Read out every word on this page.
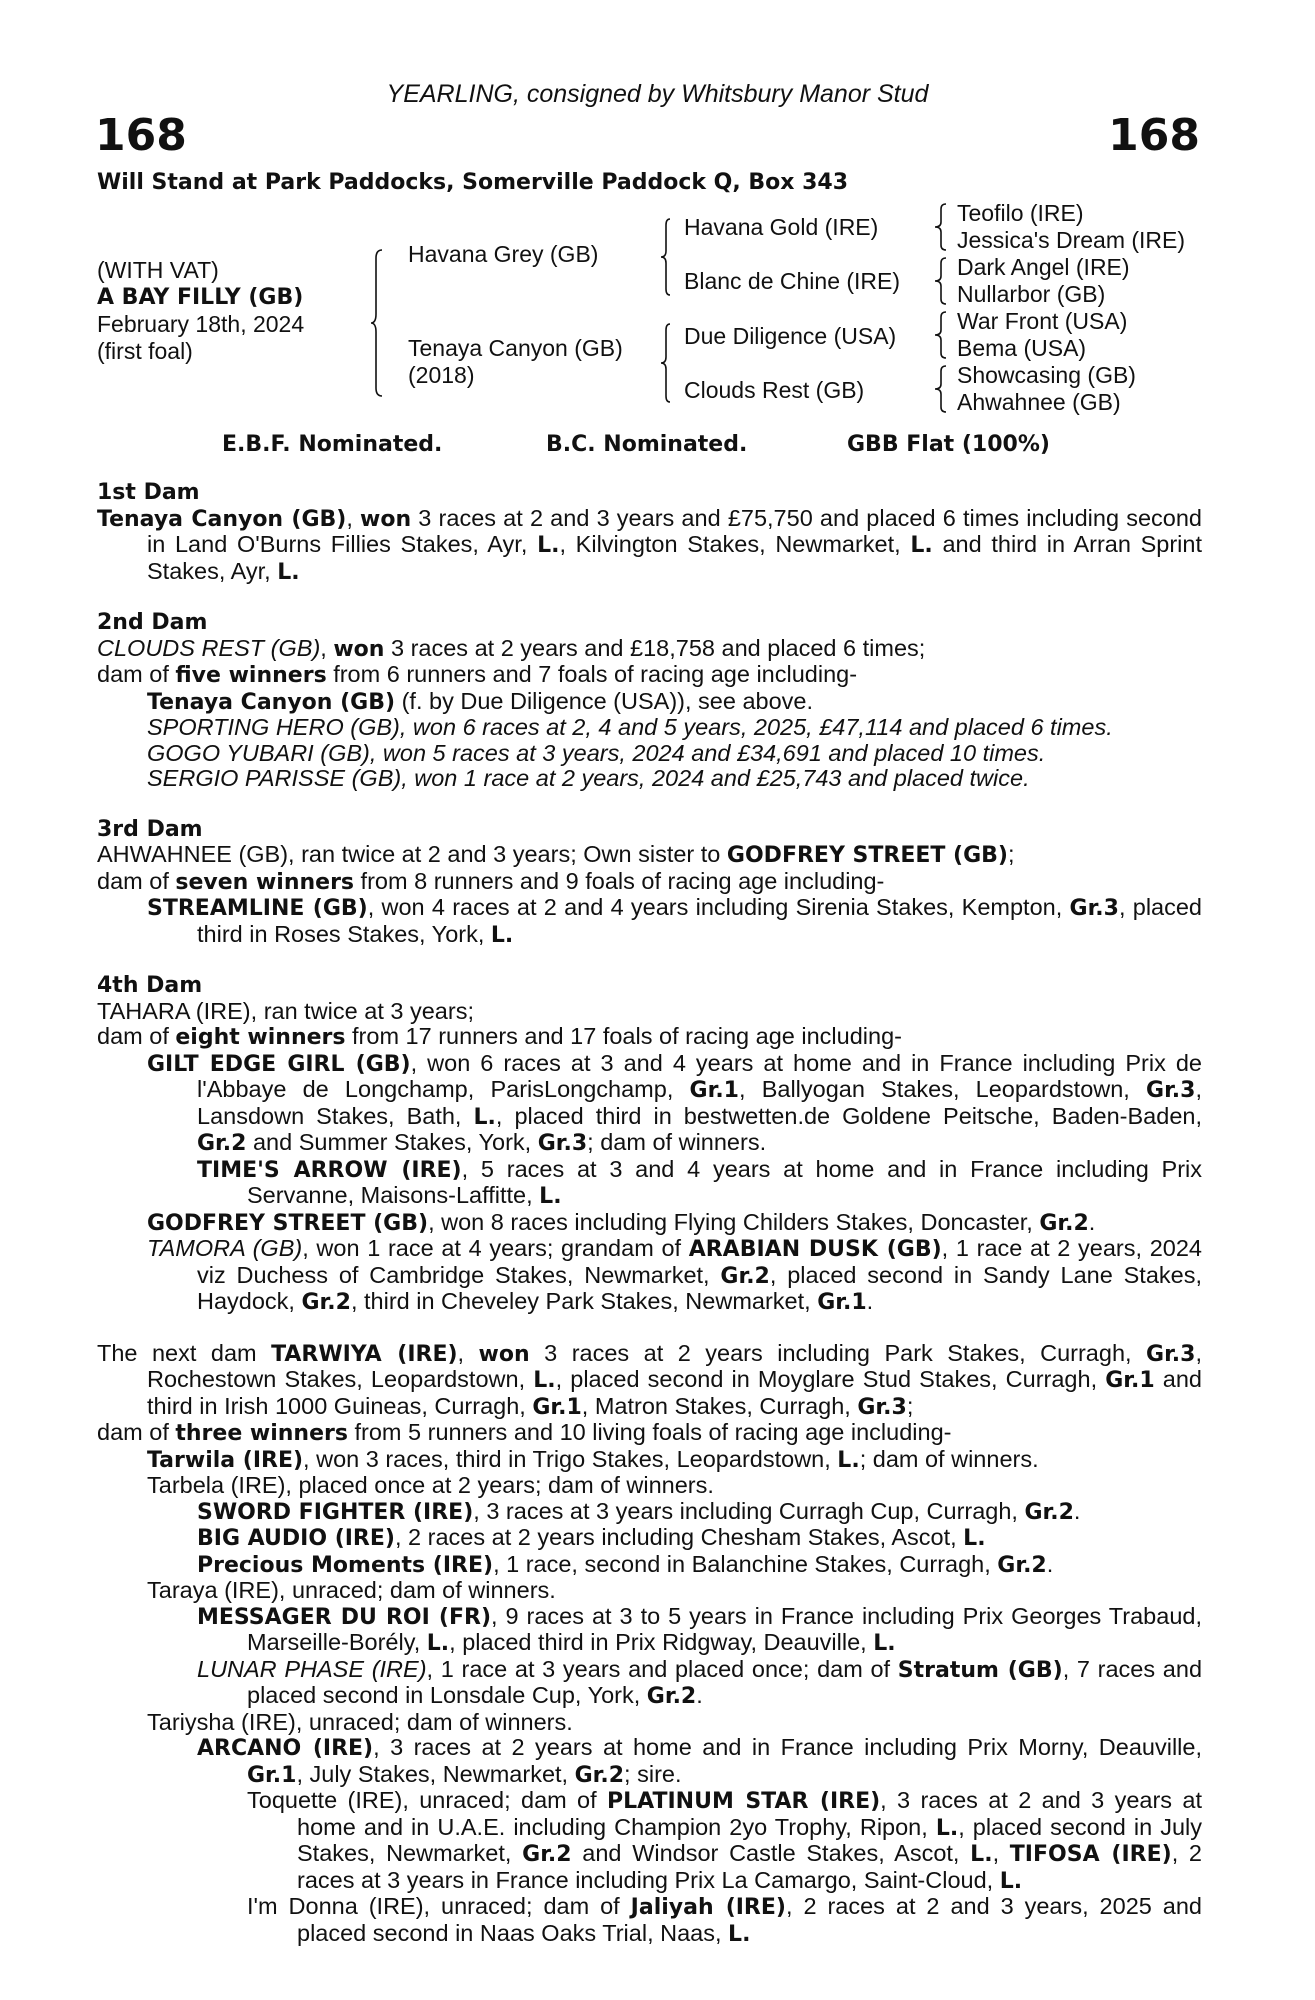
YEARLING, consigned by Whitsbury Manor Stud
168	168
Will Stand at Park Paddocks, Somerville Paddock Q, Box 343
(WITH VAT)
A BAY FILLY (GB)
February 18th, 2024
(first foal)
Havana Grey (GB)
Tenaya Canyon (GB)
(2018)
Havana Gold (IRE)
Blanc de Chine (IRE)
Due Diligence (USA)
Clouds Rest (GB)
Teofilo (IRE)
Jessica's Dream (IRE)
Dark Angel (IRE)
Nullarbor (GB)
War Front (USA)
Bema (USA)
Showcasing (GB)
Ahwahnee (GB)
E.B.F. Nominated.	B.C. Nominated.	GBB Flat (100%)
1st Dam

Tenaya Canyon (GB), won 3 races at 2 and 3 years and £75,750 and placed 6 times including second in Land O'Burns Fillies Stakes, Ayr, L., Kilvington Stakes, Newmarket, L. and third in Arran Sprint Stakes, Ayr, L.

2nd Dam

CLOUDS REST (GB), won 3 races at 2 years and £18,758 and placed 6 times;

dam of five winners from 6 runners and 7 foals of racing age including-

Tenaya Canyon (GB) (f. by Due Diligence (USA)), see above.

SPORTING HERO (GB), won 6 races at 2, 4 and 5 years, 2025, £47,114 and placed 6 times.

GOGO YUBARI (GB), won 5 races at 3 years, 2024 and £34,691 and placed 10 times.

SERGIO PARISSE (GB), won 1 race at 2 years, 2024 and £25,743 and placed twice.

3rd Dam

AHWAHNEE (GB), ran twice at 2 and 3 years; Own sister to GODFREY STREET (GB);

dam of seven winners from 8 runners and 9 foals of racing age including-

STREAMLINE (GB), won 4 races at 2 and 4 years including Sirenia Stakes, Kempton, Gr.3, placed third in Roses Stakes, York, L.

4th Dam

TAHARA (IRE), ran twice at 3 years;

dam of eight winners from 17 runners and 17 foals of racing age including-

GILT EDGE GIRL (GB), won 6 races at 3 and 4 years at home and in France including Prix de l'Abbaye de Longchamp, ParisLongchamp, Gr.1, Ballyogan Stakes, Leopardstown, Gr.3, Lansdown Stakes, Bath, L., placed third in bestwetten.de Goldene Peitsche, Baden-Baden, Gr.2 and Summer Stakes, York, Gr.3; dam of winners.

TIME'S ARROW (IRE), 5 races at 3 and 4 years at home and in France including Prix Servanne, Maisons-Laffitte, L.

GODFREY STREET (GB), won 8 races including Flying Childers Stakes, Doncaster, Gr.2.

TAMORA (GB), won 1 race at 4 years; grandam of ARABIAN DUSK (GB), 1 race at 2 years, 2024 viz Duchess of Cambridge Stakes, Newmarket, Gr.2, placed second in Sandy Lane Stakes, Haydock, Gr.2, third in Cheveley Park Stakes, Newmarket, Gr.1.

The next dam TARWIYA (IRE), won 3 races at 2 years including Park Stakes, Curragh, Gr.3, Rochestown Stakes, Leopardstown, L., placed second in Moyglare Stud Stakes, Curragh, Gr.1 and third in Irish 1000 Guineas, Curragh, Gr.1, Matron Stakes, Curragh, Gr.3;

dam of three winners from 5 runners and 10 living foals of racing age including-

Tarwila (IRE), won 3 races, third in Trigo Stakes, Leopardstown, L.; dam of winners.

Tarbela (IRE), placed once at 2 years; dam of winners.

SWORD FIGHTER (IRE), 3 races at 3 years including Curragh Cup, Curragh, Gr.2.

BIG AUDIO (IRE), 2 races at 2 years including Chesham Stakes, Ascot, L.

Precious Moments (IRE), 1 race, second in Balanchine Stakes, Curragh, Gr.2.

Taraya (IRE), unraced; dam of winners.

MESSAGER DU ROI (FR), 9 races at 3 to 5 years in France including Prix Georges Trabaud, Marseille-Borély, L., placed third in Prix Ridgway, Deauville, L.

LUNAR PHASE (IRE), 1 race at 3 years and placed once; dam of Stratum (GB), 7 races and placed second in Lonsdale Cup, York, Gr.2.

Tariysha (IRE), unraced; dam of winners.

ARCANO (IRE), 3 races at 2 years at home and in France including Prix Morny, Deauville, Gr.1, July Stakes, Newmarket, Gr.2; sire.

Toquette (IRE), unraced; dam of PLATINUM STAR (IRE), 3 races at 2 and 3 years at home and in U.A.E. including Champion 2yo Trophy, Ripon, L., placed second in July Stakes, Newmarket, Gr.2 and Windsor Castle Stakes, Ascot, L., TIFOSA (IRE), 2 races at 3 years in France including Prix La Camargo, Saint-Cloud, L.

I'm Donna (IRE), unraced; dam of Jaliyah (IRE), 2 races at 2 and 3 years, 2025 and placed second in Naas Oaks Trial, Naas, L.
